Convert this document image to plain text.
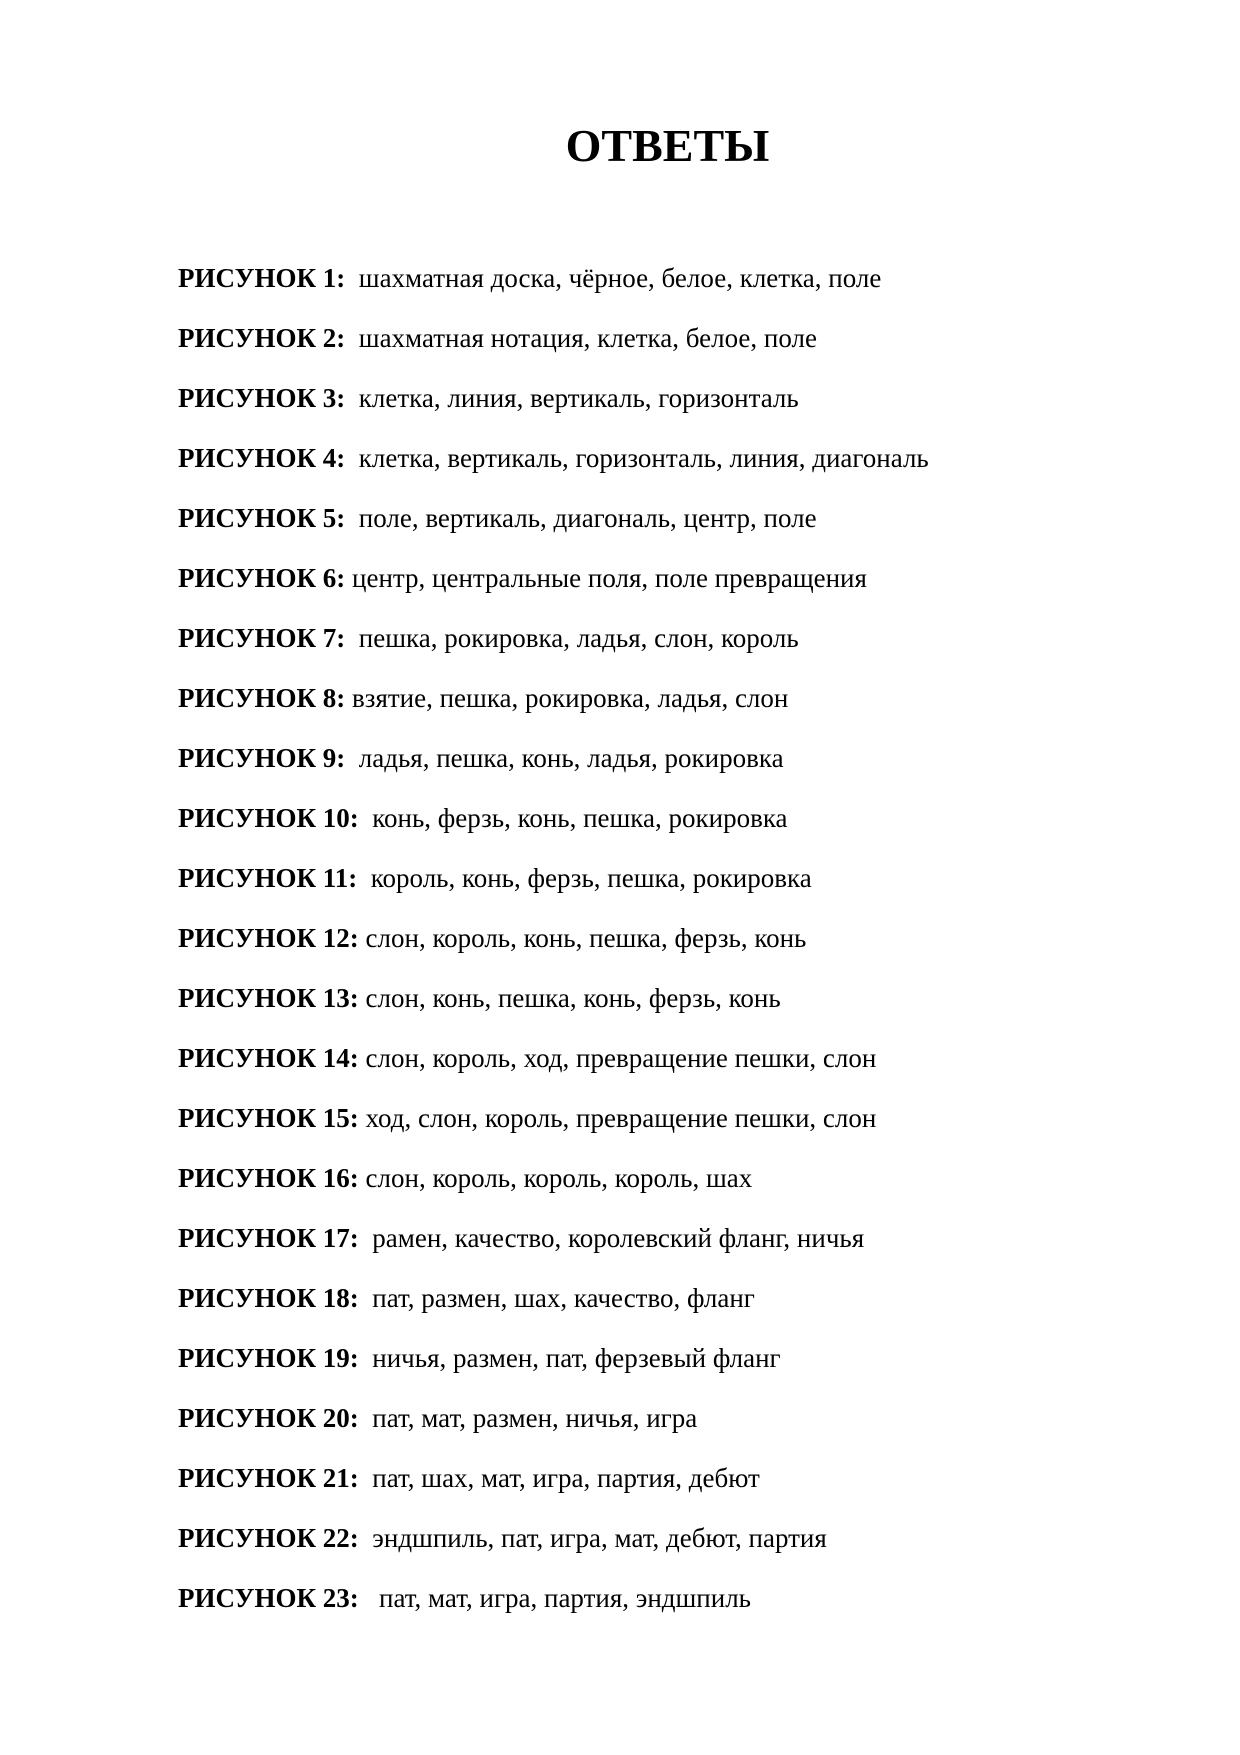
ОТВЕТЫ
РИСУНОК 1:  шахматная доска, чёрное, белое, клетка, поле
РИСУНОК 2:  шахматная нотация, клетка, белое, поле
РИСУНОК 3:  клетка, линия, вертикаль, горизонталь
РИСУНОК 4:  клетка, вертикаль, горизонталь, линия, диагональ
РИСУНОК 5:  поле, вертикаль, диагональ, центр, поле
РИСУНОК 6: центр, центральные поля, поле превращения
РИСУНОК 7:  пешка, рокировка, ладья, слон, король
РИСУНОК 8: взятие, пешка, рокировка, ладья, слон
РИСУНОК 9:  ладья, пешка, конь, ладья, рокировка
РИСУНОК 10:  конь, ферзь, конь, пешка, рокировка
РИСУНОК 11:  король, конь, ферзь, пешка, рокировка
РИСУНОК 12: слон, король, конь, пешка, ферзь, конь
РИСУНОК 13: слон, конь, пешка, конь, ферзь, конь
РИСУНОК 14: слон, король, ход, превращение пешки, слон
РИСУНОК 15: ход, слон, король, превращение пешки, слон
РИСУНОК 16: слон, король, король, король, шах
РИСУНОК 17:  рамен, качество, королевский фланг, ничья
РИСУНОК 18:  пат, размен, шах, качество, фланг
РИСУНОК 19:  ничья, размен, пат, ферзевый фланг
РИСУНОК 20:  пат, мат, размен, ничья, игра
РИСУНОК 21:  пат, шах, мат, игра, партия, дебют
РИСУНОК 22:  эндшпиль, пат, игра, мат, дебют, партия
РИСУНОК 23:   пат, мат, игра, партия, эндшпиль
